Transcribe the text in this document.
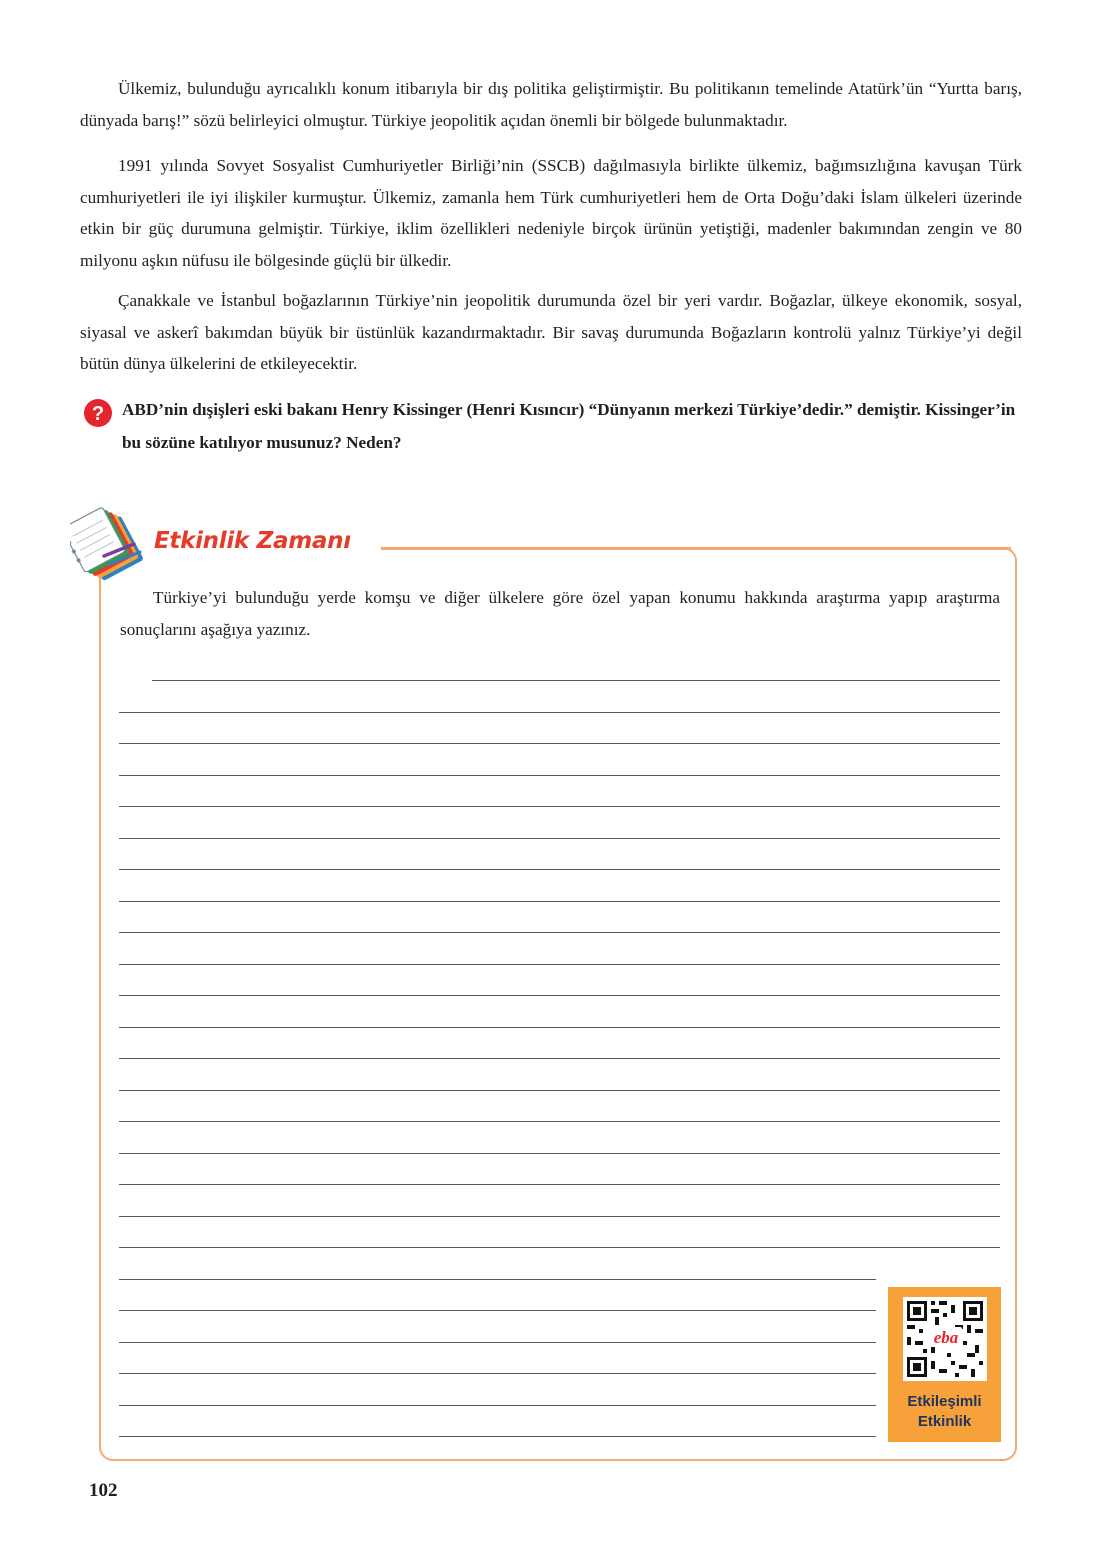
Ülkemiz, bulunduğu ayrıcalıklı konum itibarıyla bir dış politika geliştirmiştir. Bu politikanın temelinde Atatürk’ün “Yurtta barış, dünyada barış!” sözü belirleyici olmuştur. Türkiye jeopolitik açıdan önemli bir bölgede bulunmaktadır.

1991 yılında Sovyet Sosyalist Cumhuriyetler Birliği’nin (SSCB) dağılmasıyla birlikte ülkemiz, bağımsızlığına kavuşan Türk cumhuriyetleri ile iyi ilişkiler kurmuştur. Ülkemiz, zamanla hem Türk cumhuriyetleri hem de Orta Doğu’daki İslam ülkeleri üzerinde etkin bir güç durumuna gelmiştir. Türkiye, iklim özellikleri nedeniyle birçok ürünün yetiştiği, madenler bakımından zengin ve 80 milyonu aşkın nüfusu ile bölgesinde güçlü bir ülkedir.

Çanakkale ve İstanbul boğazlarının Türkiye’nin jeopolitik durumunda özel bir yeri vardır. Boğazlar, ülkeye ekonomik, sosyal, siyasal ve askerî bakımdan büyük bir üstünlük kazandırmaktadır. Bir savaş durumunda Boğazların kontrolü yalnız Türkiye’yi değil bütün dünya ülkelerini de etkileyecektir.

? ABD’nin dışişleri eski bakanı Henry Kissinger (Henri Kısıncır) “Dünyanın merkezi Türkiye’dedir.” demiştir. Kissinger’in bu sözüne katılıyor musunuz? Neden?

Etkinlik Zamanı

Türkiye’yi bulunduğu yerde komşu ve diğer ülkelere göre özel yapan konumu hakkında araştırma yapıp araştırma sonuçlarını aşağıya yazınız.

eba
Etkileşimli
Etkinlik
102
